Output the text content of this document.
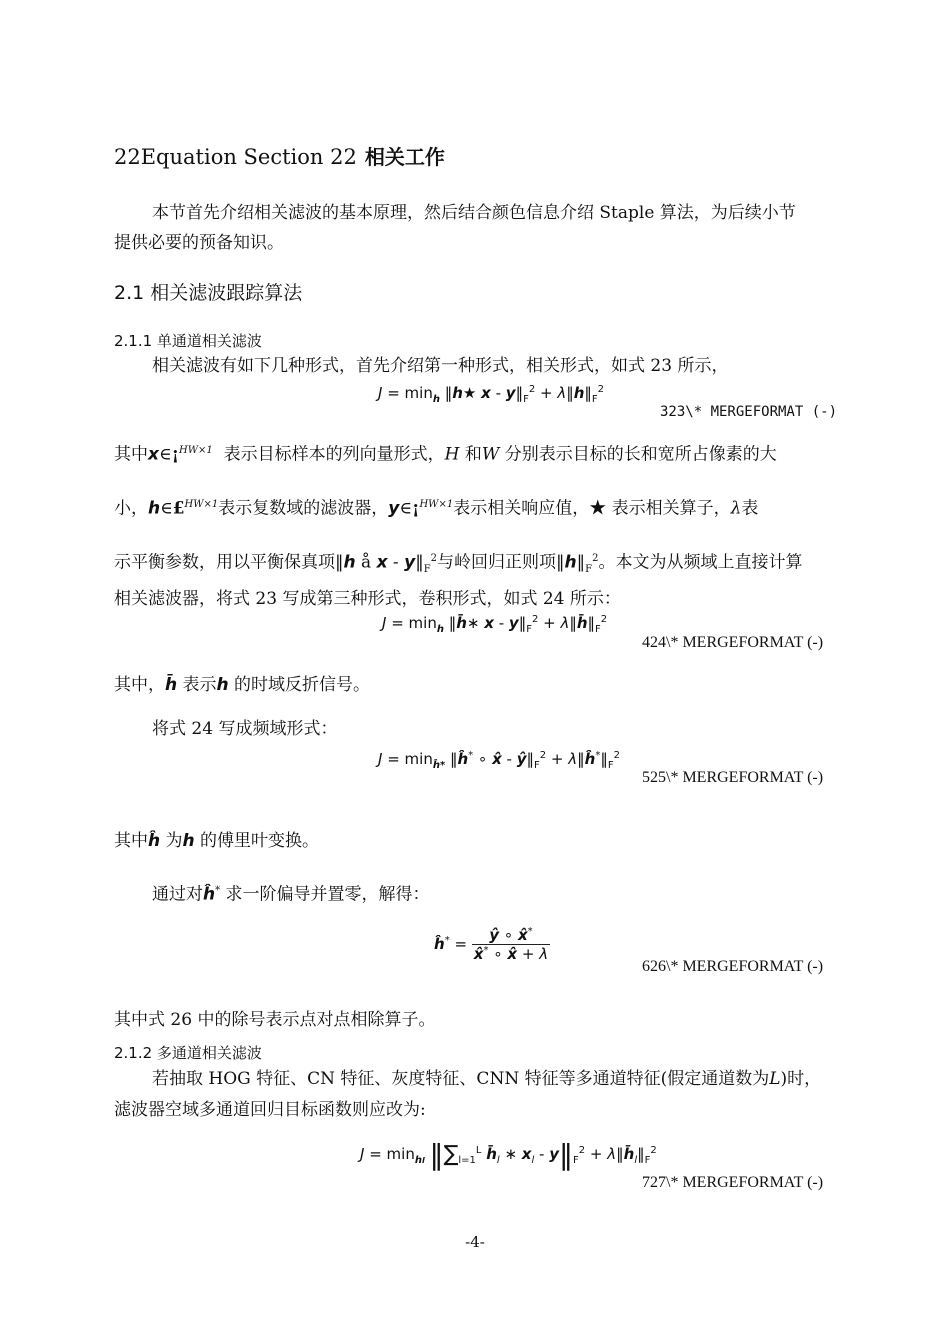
22Equation Section 22 相关工作
本节首先介绍相关滤波的基本原理，然后结合颜色信息介绍 Staple 算法，为后续小节
提供必要的预备知识。
2.1 相关滤波跟踪算法
2.1.1 单通道相关滤波
相关滤波有如下几种形式，首先介绍第一种形式，相关形式，如式 23 所示，
$J = \min_h$ ‖h★ x - $y‖_F^2$ + $\lambda‖h‖_F^2$
323\* MERGEFORMAT (-)
其中x∈¡$^{HW\times 1}$ 表示目标样本的列向量形式，H 和W 分别表示目标的长和宽所占像素的大
小，h∈£$^{HW\times 1}$表示复数域的滤波器，y∈¡$^{HW\times 1}$表示相关响应值，★ 表示相关算子，λ表
示平衡参数，用以平衡保真项‖h å x - $y‖_F^2$与岭回归正则项$‖h‖_F^2$。本文为从频域上直接计算
相关滤波器，将式 23 写成第三种形式，卷积形式，如式 24 所示：
$J = \min_h$ ‖h̄∗ x - $y‖_F^2$ + $\lambda‖h̄‖_F^2$
424\* MERGEFORMAT (-)
其中，h̄ 表示h 的时域反折信号。
将式 24 写成频域形式：
$J = \min_{ĥ*}$ ‖ĥ* ∘ x̂ - $ŷ‖_F^2$ + $\lambda‖ĥ^*‖_F^2$
525\* MERGEFORMAT (-)
其中ĥ 为h 的傅里叶变换。
通过对ĥ* 求一阶偏导并置零，解得：
ĥ* = $\frac{ŷ \circ x̂^*}{x̂^* \circ x̂ + \lambda}$
626\* MERGEFORMAT (-)
其中式 26 中的除号表示点对点相除算子。
2.1.2 多通道相关滤波
若抽取 HOG 特征、CN 特征、灰度特征、CNN 特征等多通道特征(假定通道数为L)时，
滤波器空域多通道回归目标函数则应改为:
$J = \min_{hl}$ $‖\sum_{l=1}^L$ $h̄_l$ ∗ $x_l$ - $y‖_F^2$ + $\lambda‖h̄_l‖_F^2$
727\* MERGEFORMAT (-)
-4-
